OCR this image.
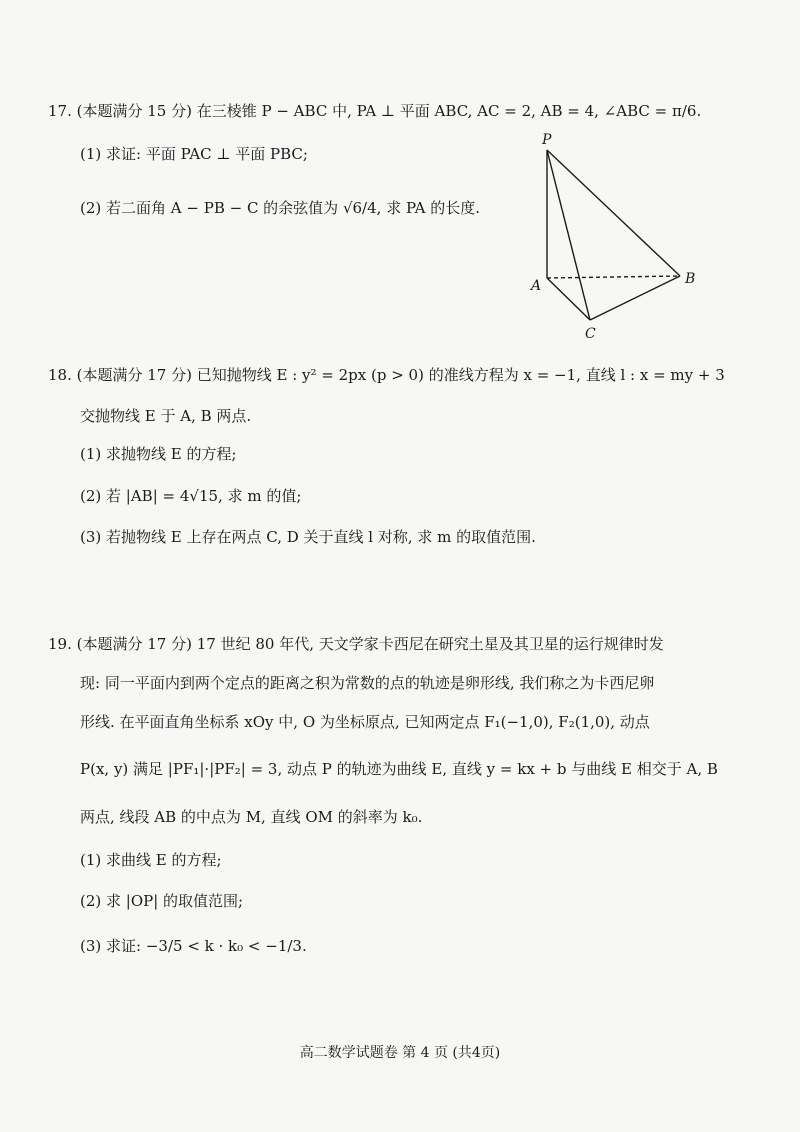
17. (本题满分 15 分) 在三棱锥 P − ABC 中, PA ⊥ 平面 ABC, AC = 2, AB = 4, ∠ABC = π/6.
(1) 求证: 平面 PAC ⊥ 平面 PBC;
(2) 若二面角 A − PB − C 的余弦值为 √6/4, 求 PA 的长度.
P
A	B
C
18. (本题满分 17 分) 已知抛物线 E : y² = 2px (p > 0) 的准线方程为 x = −1, 直线 l : x = my + 3
交抛物线 E 于 A, B 两点.
(1) 求抛物线 E 的方程;
(2) 若 |AB| = 4√15, 求 m 的值;
(3) 若抛物线 E 上存在两点 C, D 关于直线 l 对称, 求 m 的取值范围.
19. (本题满分 17 分) 17 世纪 80 年代, 天文学家卡西尼在研究土星及其卫星的运行规律时发
现: 同一平面内到两个定点的距离之积为常数的点的轨迹是卵形线, 我们称之为卡西尼卵
形线. 在平面直角坐标系 xOy 中, O 为坐标原点, 已知两定点 F₁(−1,0), F₂(1,0), 动点
P(x, y) 满足 |PF₁|·|PF₂| = 3, 动点 P 的轨迹为曲线 E, 直线 y = kx + b 与曲线 E 相交于 A, B
两点, 线段 AB 的中点为 M, 直线 OM 的斜率为 k₀.
(1) 求曲线 E 的方程;
(2) 求 |OP| 的取值范围;
(3) 求证: −3/5 < k · k₀ < −1/3.
高二数学试题卷 第 4 页 (共4页)
